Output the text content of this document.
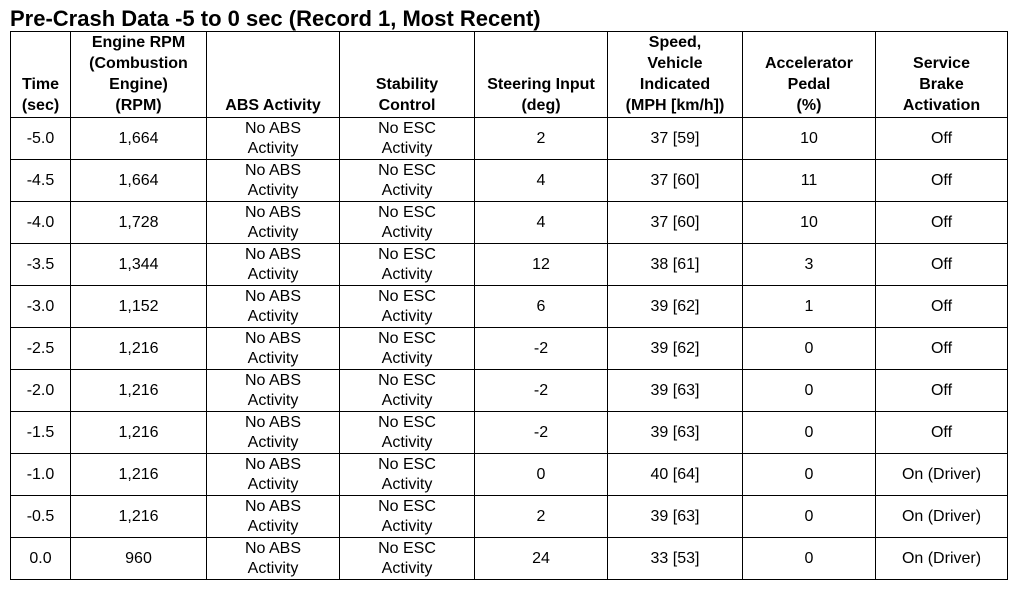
Pre-Crash Data -5 to 0 sec (Record 1, Most Recent)
Time
(sec)	Engine RPM
(Combustion
Engine)
(RPM)	ABS Activity	Stability
Control	Steering Input
(deg)	Speed,
Vehicle
Indicated
(MPH [km/h])	Accelerator
Pedal
(%)	Service
Brake
Activation

-5.0	1,664	No ABS
Activity	No ESC
Activity	2	37 [59]	10	Off
-4.5	1,664	No ABS
Activity	No ESC
Activity	4	37 [60]	11	Off
-4.0	1,728	No ABS
Activity	No ESC
Activity	4	37 [60]	10	Off
-3.5	1,344	No ABS
Activity	No ESC
Activity	12	38 [61]	3	Off
-3.0	1,152	No ABS
Activity	No ESC
Activity	6	39 [62]	1	Off
-2.5	1,216	No ABS
Activity	No ESC
Activity	-2	39 [62]	0	Off
-2.0	1,216	No ABS
Activity	No ESC
Activity	-2	39 [63]	0	Off
-1.5	1,216	No ABS
Activity	No ESC
Activity	-2	39 [63]	0	Off
-1.0	1,216	No ABS
Activity	No ESC
Activity	0	40 [64]	0	On (Driver)
-0.5	1,216	No ABS
Activity	No ESC
Activity	2	39 [63]	0	On (Driver)
0.0	960	No ABS
Activity	No ESC
Activity	24	33 [53]	0	On (Driver)
